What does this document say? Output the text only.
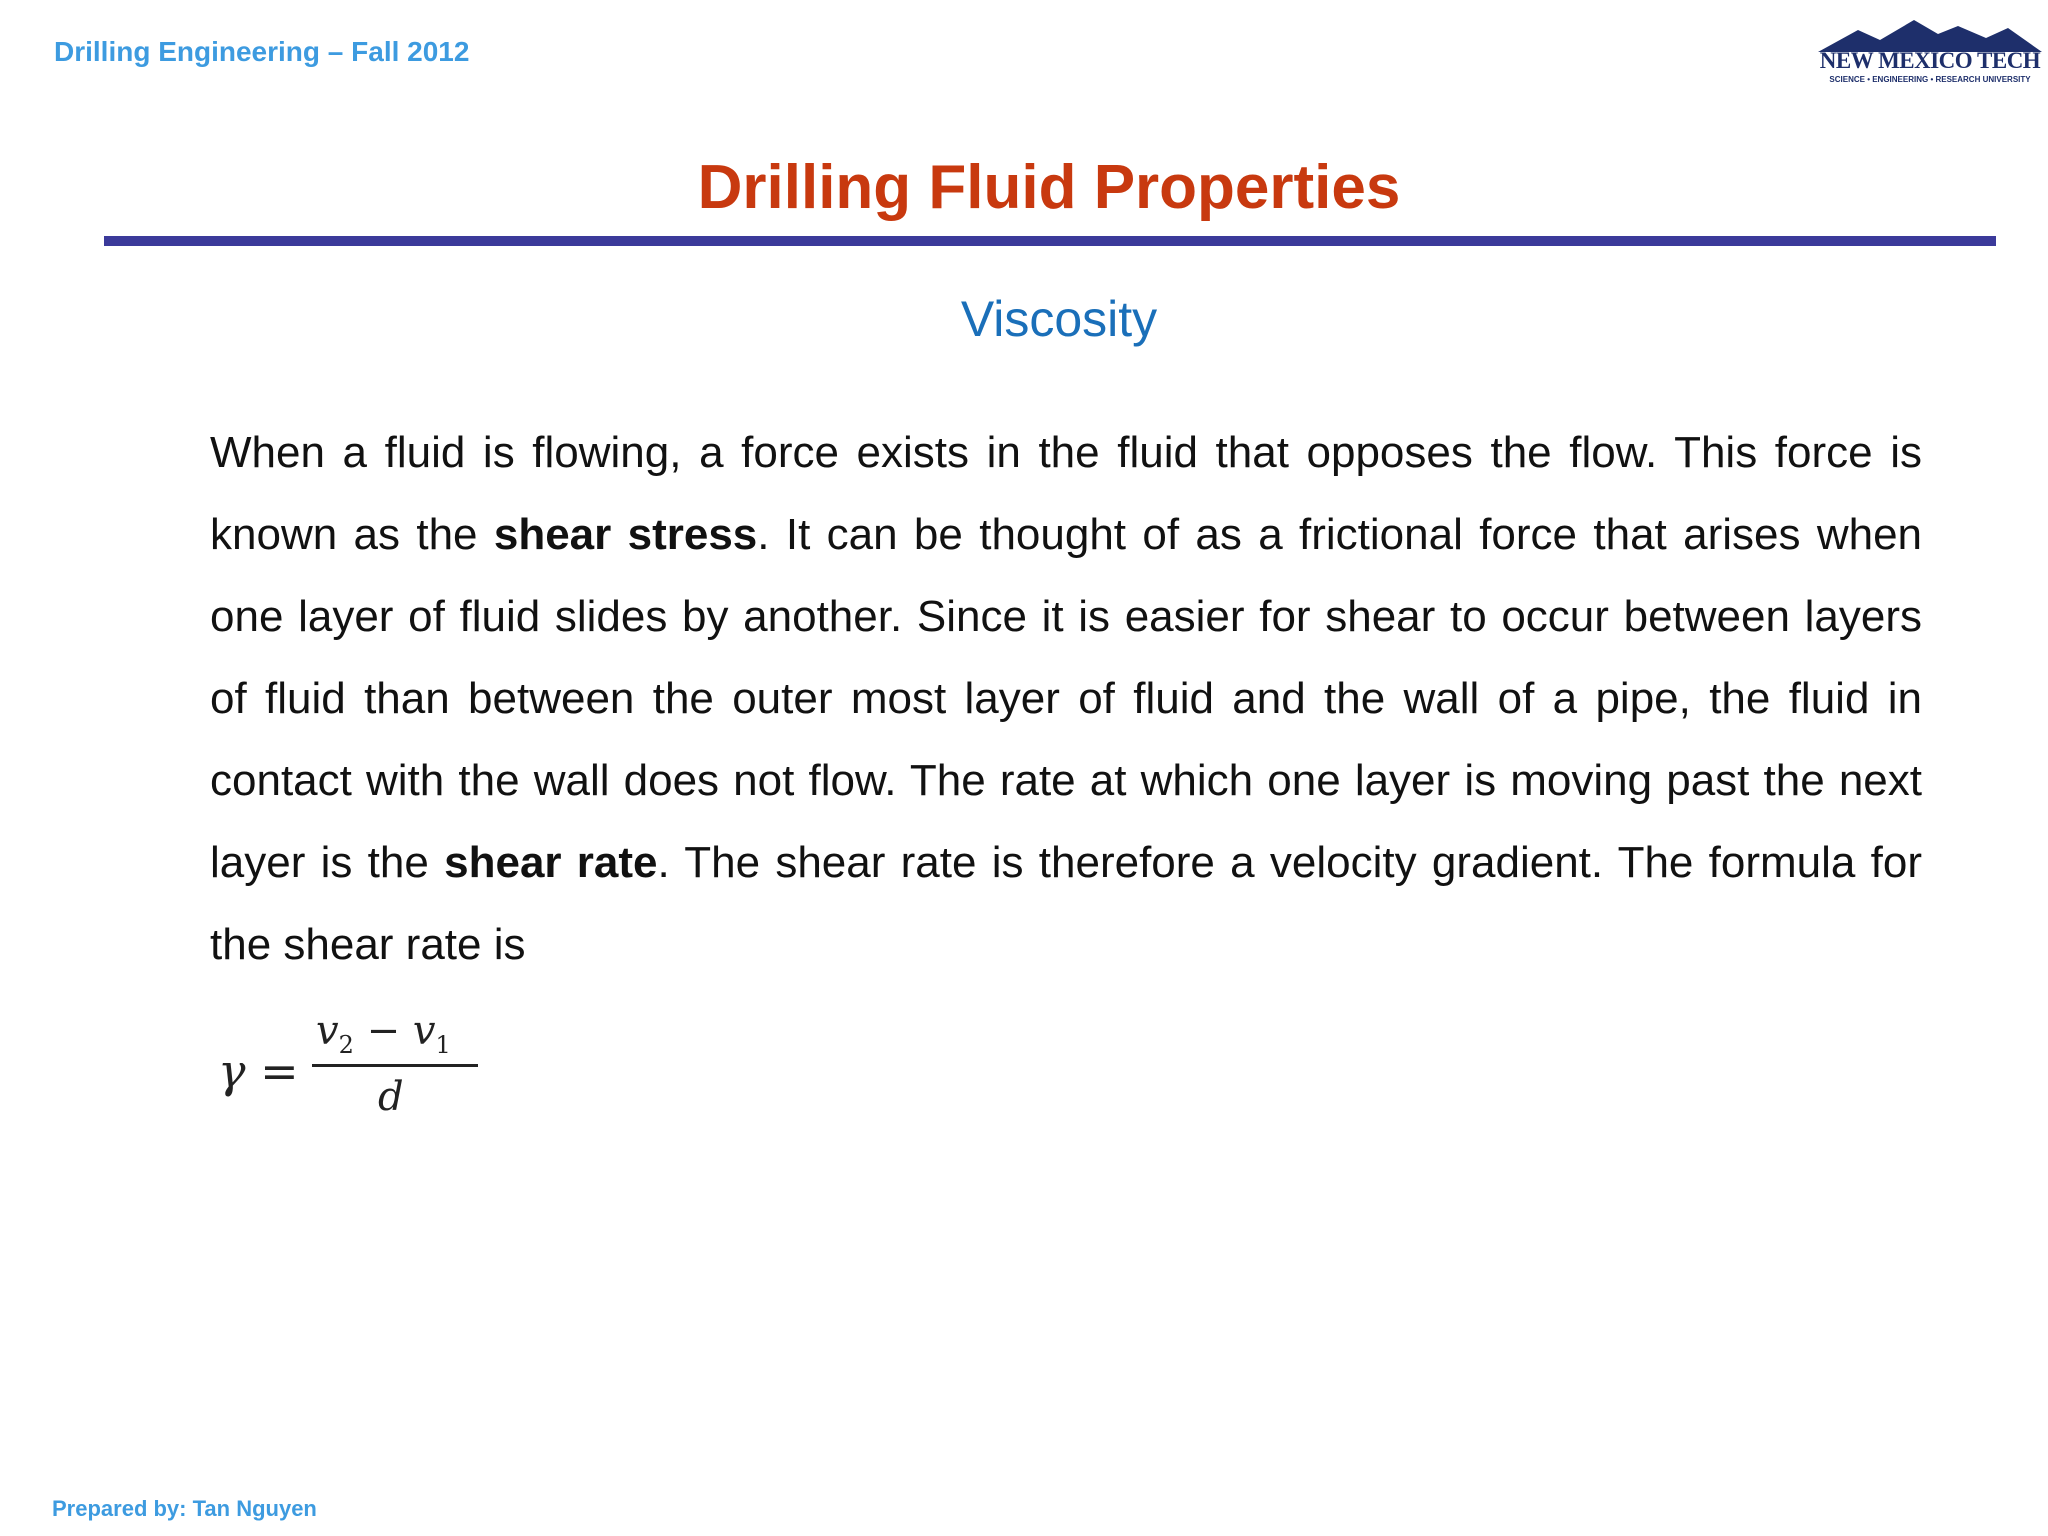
Drilling Engineering – Fall 2012	NEW MEXICO TECH
SCIENCE • ENGINEERING • RESEARCH UNIVERSITY
Drilling Fluid Properties
Viscosity
When a fluid is flowing, a force exists in the fluid that opposes the flow. This force is known as the shear stress. It can be thought of as a frictional force that arises when one layer of fluid slides by another. Since it is easier for shear to occur between layers of fluid than between the outer most layer of fluid and the wall of a pipe, the fluid in contact with the wall does not flow. The rate at which one layer is moving past the next layer is the shear rate. The shear rate is therefore a velocity gradient. The formula for the shear rate is
γ =
$v_2 - v_1$
d
Prepared by: Tan Nguyen
